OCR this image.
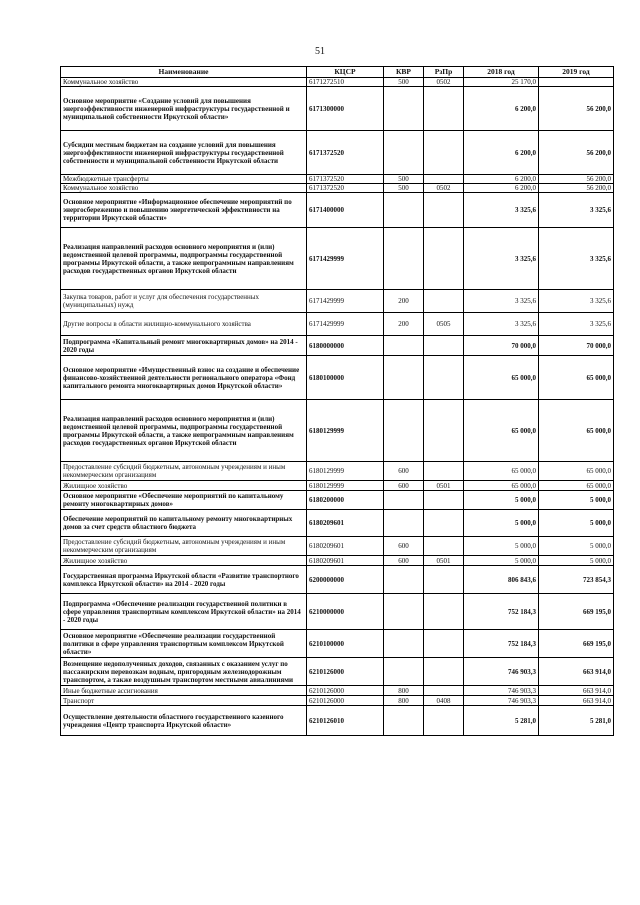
51
Наименование	КЦСР	КВР	РзПр	2018 год	2019 год
Коммунальное хозяйство	6171272510	500	0502	25 170,0	
Основное мероприятие «Создание условий для повышения энергоэффективности инженерной инфраструктуры государственной и муниципальной собственности Иркутской области»	6171300000			6 200,0	56 200,0
Субсидии местным бюджетам на создание условий для повышения энергоэффективности инженерной инфраструктуры государственной собственности и муниципальной собственности Иркутской области	6171372520			6 200,0	56 200,0
Межбюджетные трансферты	6171372520	500		6 200,0	56 200,0
Коммунальное хозяйство	6171372520	500	0502	6 200,0	56 200,0
Основное мероприятие «Информационное обеспечение мероприятий по энергосбережению и повышению энергетической эффективности на территории Иркутской области»	6171400000			3 325,6	3 325,6
Реализация направлений расходов основного мероприятия и (или) ведомственной целевой программы, подпрограммы государственной программы Иркутской области, а также непрограммным направлениям расходов государственных органов Иркутской области	6171429999			3 325,6	3 325,6
Закупка товаров, работ и услуг для обеспечения государственных (муниципальных) нужд	6171429999	200		3 325,6	3 325,6
Другие вопросы в области жилищно-коммунального хозяйства	6171429999	200	0505	3 325,6	3 325,6
Подпрограмма «Капитальный ремонт многоквартирных домов» на 2014 - 2020 годы	6180000000			70 000,0	70 000,0
Основное мероприятие «Имущественный взнос на создание и обеспечение финансово-хозяйственной деятельности регионального оператора «Фонд капитального ремонта многоквартирных домов Иркутской области»	6180100000			65 000,0	65 000,0
Реализация направлений расходов основного мероприятия и (или) ведомственной целевой программы, подпрограммы государственной программы Иркутской области, а также непрограммным направлениям расходов государственных органов Иркутской области	6180129999			65 000,0	65 000,0
Предоставление субсидий бюджетным, автономным учреждениям и иным некоммерческим организациям	6180129999	600		65 000,0	65 000,0
Жилищное хозяйство	6180129999	600	0501	65 000,0	65 000,0
Основное мероприятие «Обеспечение мероприятий по капитальному ремонту многоквартирных домов»	6180200000			5 000,0	5 000,0
Обеспечение мероприятий по капитальному ремонту многоквартирных домов за счет средств областного бюджета	6180209601			5 000,0	5 000,0
Предоставление субсидий бюджетным, автономным учреждениям и иным некоммерческим организациям	6180209601	600		5 000,0	5 000,0
Жилищное хозяйство	6180209601	600	0501	5 000,0	5 000,0
Государственная программа Иркутской области «Развитие транспортного комплекса Иркутской области» на 2014 - 2020 годы	6200000000			806 843,6	723 854,3
Подпрограмма «Обеспечение реализации государственной политики в сфере управления транспортным комплексом Иркутской области» на 2014 - 2020 годы	6210000000			752 184,3	669 195,0
Основное мероприятие «Обеспечение реализации государственной политики в сфере управления транспортным комплексом Иркутской области»	6210100000			752 184,3	669 195,0
Возмещение недополученных доходов, связанных с оказанием услуг по пассажирским перевозкам водным, пригородным железнодорожным транспортом, а также воздушным транспортом местными авиалиниями	6210126000			746 903,3	663 914,0
Иные бюджетные ассигнования	6210126000	800		746 903,3	663 914,0
Транспорт	6210126000	800	0408	746 903,3	663 914,0
Осуществление деятельности областного государственного казенного учреждения «Центр транспорта Иркутской области»	6210126010			5 281,0	5 281,0
